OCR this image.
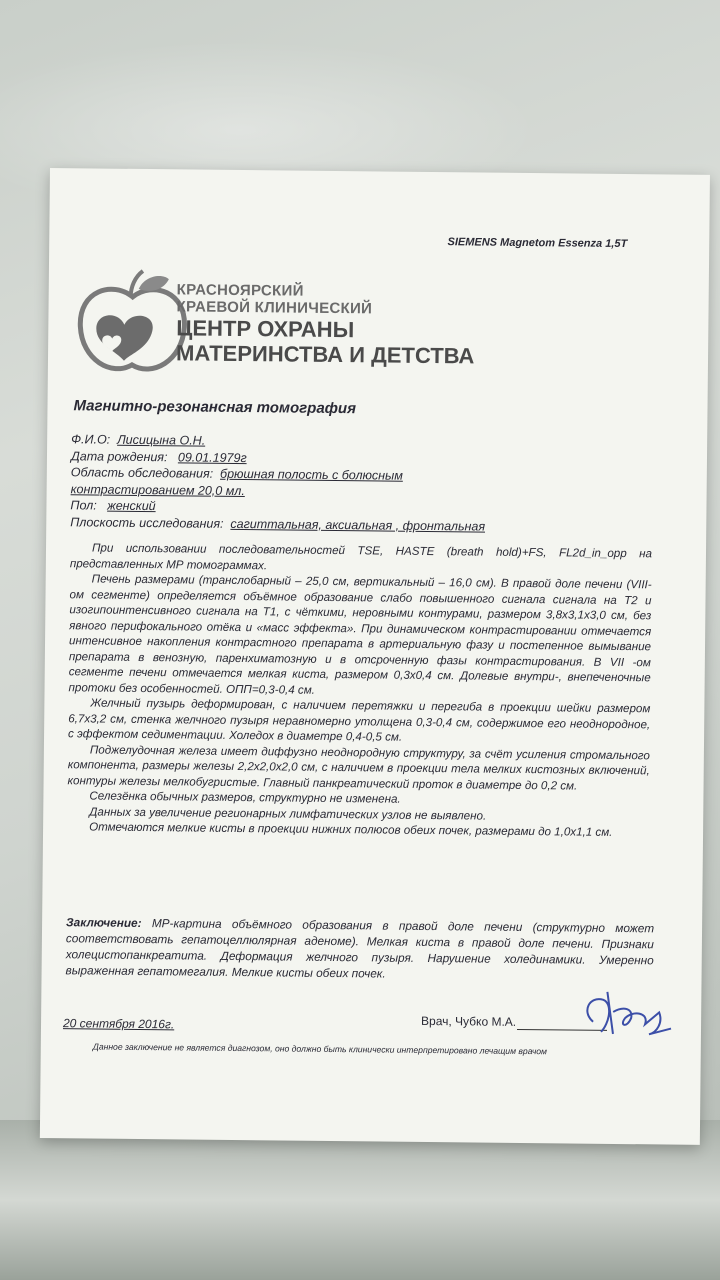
SIEMENS Magnetom Essenza 1,5T
КРАСНОЯРСКИЙ
КРАЕВОЙ КЛИНИЧЕСКИЙ
ЦЕНТР ОХРАНЫ
МАТЕРИНСТВА И ДЕТСТВА
Магнитно-резонансная томография
Ф.И.О: Лисицына О.Н.
Дата рождения: 09.01.1979г
Область обследования: брюшная полость с болюсным
контрастированием 20,0 мл.
Пол: женский
Плоскость исследования: сагиттальная, аксиальная , фронтальная

При использовании последовательностей TSE, HASTE (breath hold)+FS, FL2d_in_opp на представленных МР томограммах.

Печень размерами (транслобарный – 25,0 см, вертикальный – 16,0 см). В правой доле печени (VIII-ом сегменте) определяется объёмное образование слабо повышенного сигнала сигнала на Т2 и изогипоинтенсивного сигнала на Т1, с чёткими, неровными контурами, размером 3,8х3,1х3,0 см, без явного перифокального отёка и «масс эффекта». При динамическом контрастировании отмечается интенсивное накопления контрастного препарата в артериальную фазу и постепенное вымывание препарата в венозную, паренхиматозную и в отсроченную фазы контрастирования. В VII -ом сегменте печени отмечается мелкая киста, размером 0,3х0,4 см. Долевые внутри-, внепеченочные протоки без особенностей. ОПП=0,3-0,4 см.

Желчный пузырь деформирован, с наличием перетяжки и перегиба в проекции шейки размером 6,7х3,2 см, стенка желчного пузыря неравномерно утолщена 0,3-0,4 см, содержимое его неоднородное, с эффектом седиментации. Холедох в диаметре 0,4-0,5 см.

Поджелудочная железа имеет диффузно неоднородную структуру, за счёт усиления стромального компонента, размеры железы 2,2х2,0х2,0 см, с наличием в проекции тела мелких кистозных включений, контуры железы мелкобугристые. Главный панкреатический проток в диаметре до 0,2 см.

Селезёнка обычных размеров, структурно не изменена.

Данных за увеличение регионарных лимфатических узлов не выявлено.

Отмечаются мелкие кисты в проекции нижних полюсов обеих почек, размерами до 1,0х1,1 см.

Заключение: МР-картина объёмного образования в правой доле печени (структурно может соответствовать гепатоцеллюлярная аденоме). Мелкая киста в правой доле печени. Признаки холецистопанкреатита. Деформация желчного пузыря. Нарушение холединамики. Умеренно выраженная гепатомегалия. Мелкие кисты обеих почек.
20 сентября 2016г.	Врач, Чубко М.А.
Данное заключение не является диагнозом, оно должно быть клинически интерпретировано лечащим врачом
